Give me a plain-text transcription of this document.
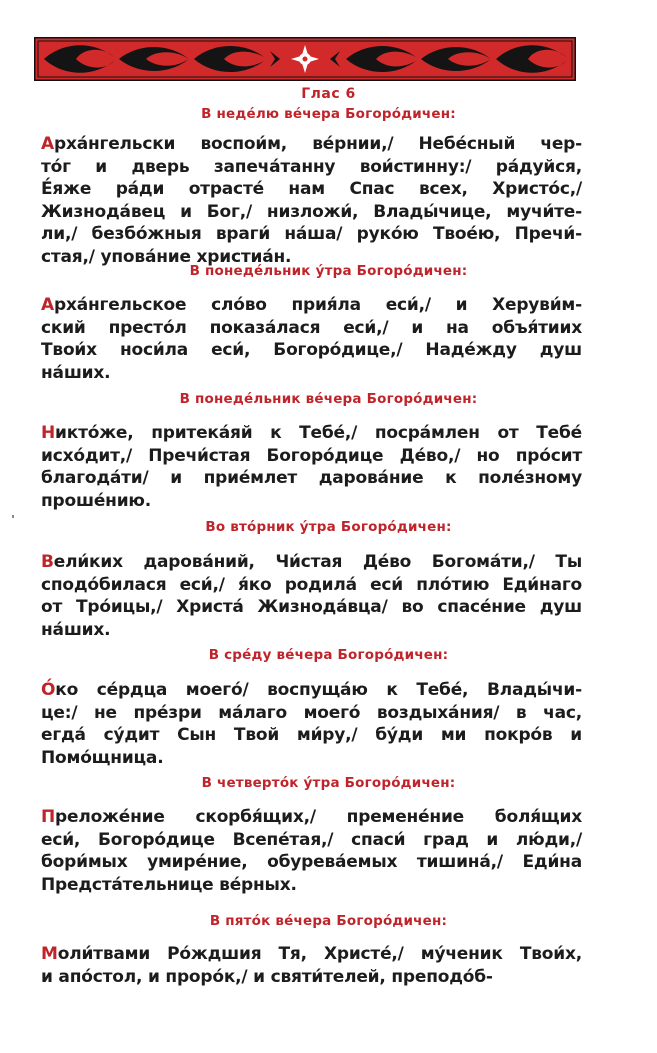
Глас 6
В неде́лю ве́чера Богоро́дичен:
Арха́нгельски воспои́м, ве́рнии,/ Небе́сный чер-
то́г и дверь запеча́танну вои́стинну:/ ра́дуйся,
Е́яже ра́ди отрасте́ нам Спас всех, Христо́с,/
Жизнода́вец и Бог,/ низложи́, Влады́чице, мучи́те-
ли,/ безбо́жныя враги́ на́ша/ руко́ю Твое́ю, Пречи́-
стая,/ упова́ние христиа́н.
В понеде́льник у́тра Богоро́дичен:
Арха́нгельское сло́во прия́ла еси́,/ и Херуви́м-
ский престо́л показа́лася еси́,/ и на объя́тиих
Твои́х носи́ла еси́, Богоро́дице,/ Наде́жду душ
на́ших.
В понеде́льник ве́чера Богоро́дичен:
Никто́же, притека́яй к Тебе́,/ посра́млен от Тебе́
исхо́дит,/ Пречи́стая Богоро́дице Де́во,/ но про́сит
благода́ти/ и прие́млет дарова́ние к поле́зному
проше́нию.
Во вто́рник у́тра Богоро́дичен:
Вели́ких дарова́ний, Чи́стая Де́во Богома́ти,/ Ты
сподо́билася еси́,/ я́ко родила́ еси́ пло́тию Еди́наго
от Тро́ицы,/ Христа́ Жизнода́вца/ во спасе́ние душ
на́ших.
В сре́ду ве́чера Богоро́дичен:
О́ко се́рдца моего́/ воспуща́ю к Тебе́, Влады́чи-
це:/ не пре́зри ма́лаго моего́ воздыха́ния/ в час,
егда́ су́дит Сын Твой ми́ру,/ бу́ди ми покро́в и
Помо́щница.
В четверто́к у́тра Богоро́дичен:
Преложе́ние скорбя́щих,/ премене́ние боля́щих
еси́, Богоро́дице Всепе́тая,/ спаси́ град и лю́ди,/
бори́мых умире́ние, обурева́емых тишина́,/ Еди́на
Предста́тельнице ве́рных.
В пято́к ве́чера Богоро́дичен:
Моли́твами Ро́ждшия Тя, Христе́,/ му́ченик Твои́х,
и апо́стол, и проро́к,/ и святи́телей, преподо́б-
